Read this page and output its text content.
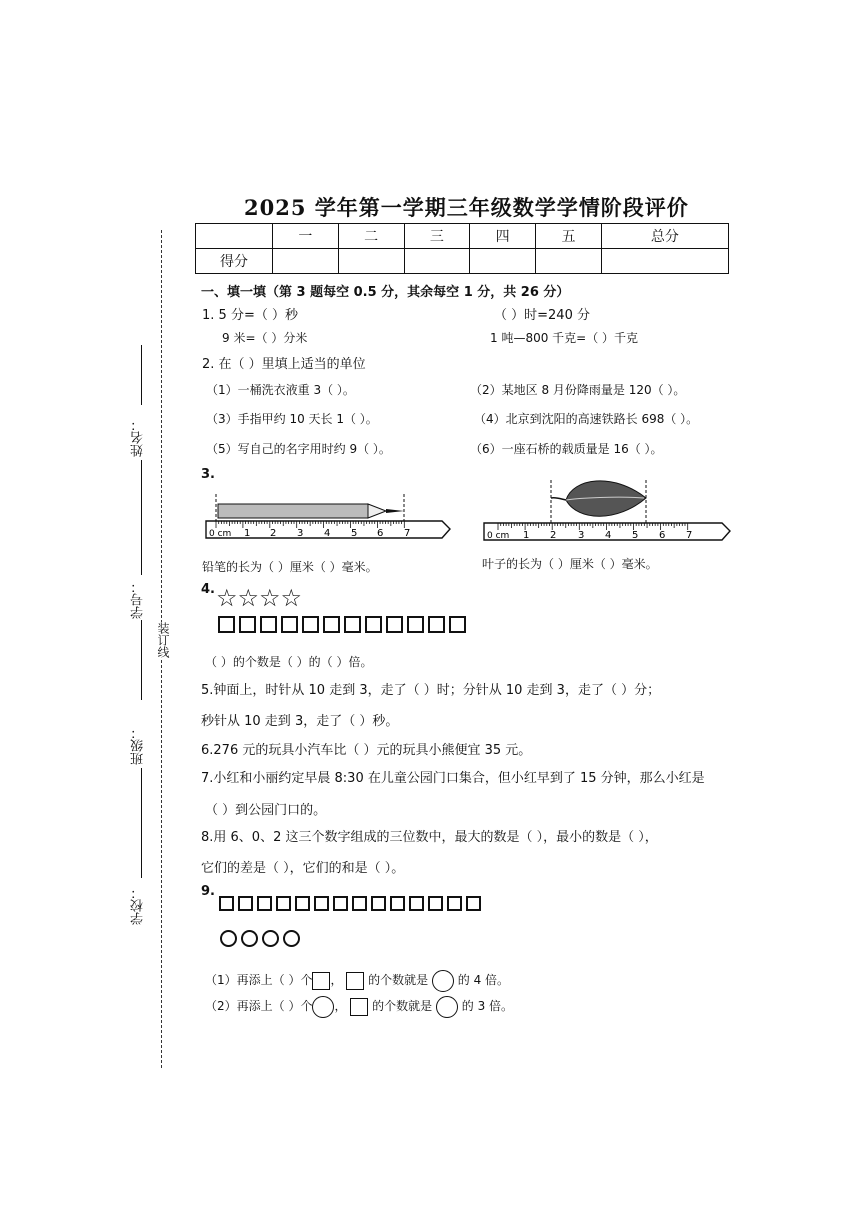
2025 学年第一学期三年级数学学情阶段评价
	一	二	三	四	五	总分
得分						
姓名：
学号：
班级：
学校：
装订线
一、填一填（第 3 题每空 0.5 分，其余每空 1 分，共 26 分）
1. 5 分=（ ）秒	（ ）时=240 分
9 米=（ ）分米	1 吨—800 千克=（ ）千克
2. 在（ ）里填上适当的单位
（1）一桶洗衣液重 3（ ）。	（2）某地区 8 月份降雨量是 120（ ）。
（3）手指甲约 10 天长 1（ ）。	（4）北京到沈阳的高速铁路长 698（ ）。
（5）写自己的名字用时约 9（ ）。	（6）一座石桥的载质量是 16（ ）。
3.
0 cm 1 2 3 4 5 6 7	0 cm 1 2 3 4 5 6 7
铅笔的长为（ ）厘米（ ）毫米。	叶子的长为（ ）厘米（ ）毫米。
4. ☆☆☆☆
（ ）的个数是（ ）的（ ）倍。
5.钟面上，时针从 10 走到 3，走了（ ）时；分针从 10 走到 3，走了（ ）分；
秒针从 10 走到 3，走了（ ）秒。
6.276 元的玩具小汽车比（ ）元的玩具小熊便宜 35 元。
7.小红和小丽约定早晨 8:30 在儿童公园门口集合，但小红早到了 15 分钟，那么小红是
（ ）到公园门口的。
8.用 6、0、2 这三个数字组成的三位数中，最大的数是（ ），最小的数是（ ），
它们的差是（ ），它们的和是（ ）。
9.
（1）再添上（ ）个 ， 的个数就是 的 4 倍。
（2）再添上（ ）个 ， 的个数就是 的 3 倍。
